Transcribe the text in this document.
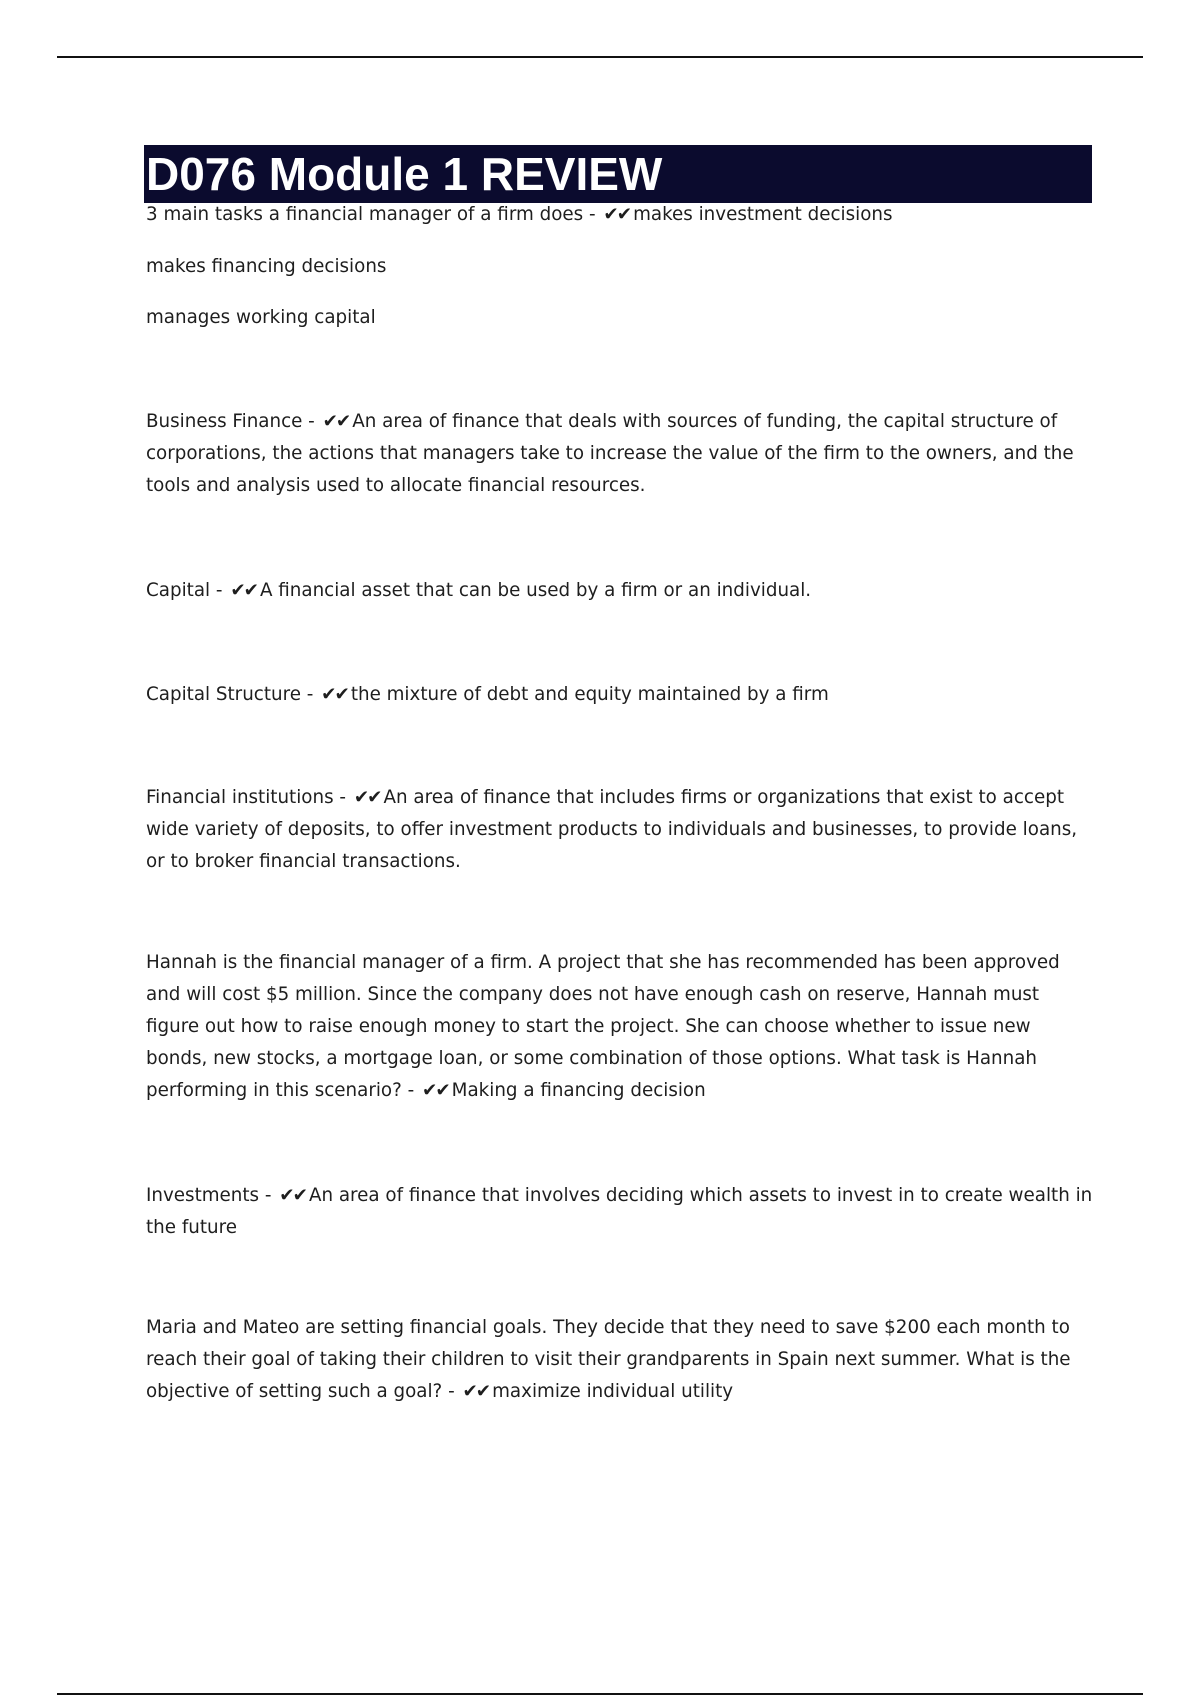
D076 Module 1 REVIEW

3 main tasks a financial manager of a firm does - ✔✔ makes investment decisions

makes financing decisions

manages working capital

Business Finance - ✔✔ An area of finance that deals with sources of funding, the capital structure of corporations, the actions that managers take to increase the value of the firm to the owners, and the tools and analysis used to allocate financial resources.

Capital - ✔✔ A financial asset that can be used by a firm or an individual.

Capital Structure - ✔✔ the mixture of debt and equity maintained by a firm

Financial institutions - ✔✔ An area of finance that includes firms or organizations that exist to accept wide variety of deposits, to offer investment products to individuals and businesses, to provide loans, or to broker financial transactions.

Hannah is the financial manager of a firm. A project that she has recommended has been approved and will cost $5 million. Since the company does not have enough cash on reserve, Hannah must figure out how to raise enough money to start the project. She can choose whether to issue new bonds, new stocks, a mortgage loan, or some combination of those options. What task is Hannah performing in this scenario? - ✔✔ Making a financing decision

Investments - ✔✔ An area of finance that involves deciding which assets to invest in to create wealth in the future

Maria and Mateo are setting financial goals. They decide that they need to save $200 each month to reach their goal of taking their children to visit their grandparents in Spain next summer. What is the objective of setting such a goal? - ✔✔ maximize individual utility
